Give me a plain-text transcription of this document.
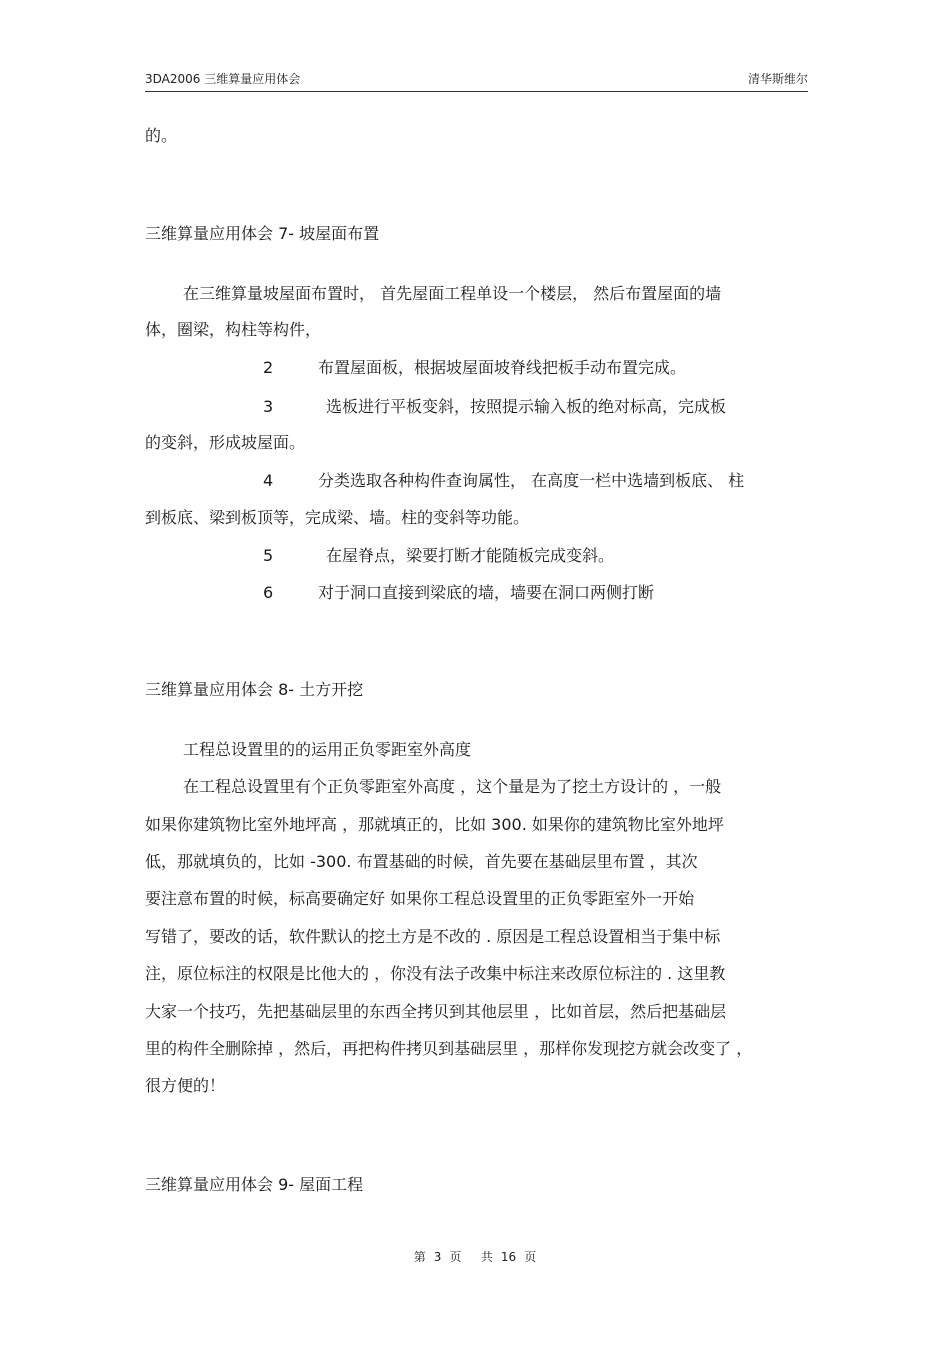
3DA2006 三维算量应用体会	清华斯维尔
的。
三维算量应用体会 7- 坡屋面布置
在三维算量坡屋面布置时， 首先屋面工程单设一个楼层， 然后布置屋面的墙
体，圈梁，构柱等构件，
2	布置屋面板，根据坡屋面坡脊线把板手动布置完成。
3	选板进行平板变斜，按照提示输入板的绝对标高，完成板
的变斜，形成坡屋面。
4	分类选取各种构件查询属性， 在高度一栏中选墙到板底、 柱
到板底、梁到板顶等，完成梁、墙。柱的变斜等功能。
5	在屋脊点，梁要打断才能随板完成变斜。
6	对于洞口直接到梁底的墙，墙要在洞口两侧打断
三维算量应用体会 8- 土方开挖
工程总设置里的的运用正负零距室外高度
在工程总设置里有个正负零距室外高度 ，这个量是为了挖土方设计的 ，一般
如果你建筑物比室外地坪高 ，那就填正的，比如 300. 如果你的建筑物比室外地坪
低，那就填负的，比如 -300. 布置基础的时候，首先要在基础层里布置 ，其次
要注意布置的时候，标高要确定好 如果你工程总设置里的正负零距室外一开始
写错了，要改的话，软件默认的挖土方是不改的 . 原因是工程总设置相当于集中标
注，原位标注的权限是比他大的 ，你没有法子改集中标注来改原位标注的 . 这里教
大家一个技巧，先把基础层里的东西全拷贝到其他层里 ，比如首层，然后把基础层
里的构件全删除掉 ，然后，再把构件拷贝到基础层里 ，那样你发现挖方就会改变了 ，
很方便的！
三维算量应用体会 9- 屋面工程
第 3 页 共 16 页
